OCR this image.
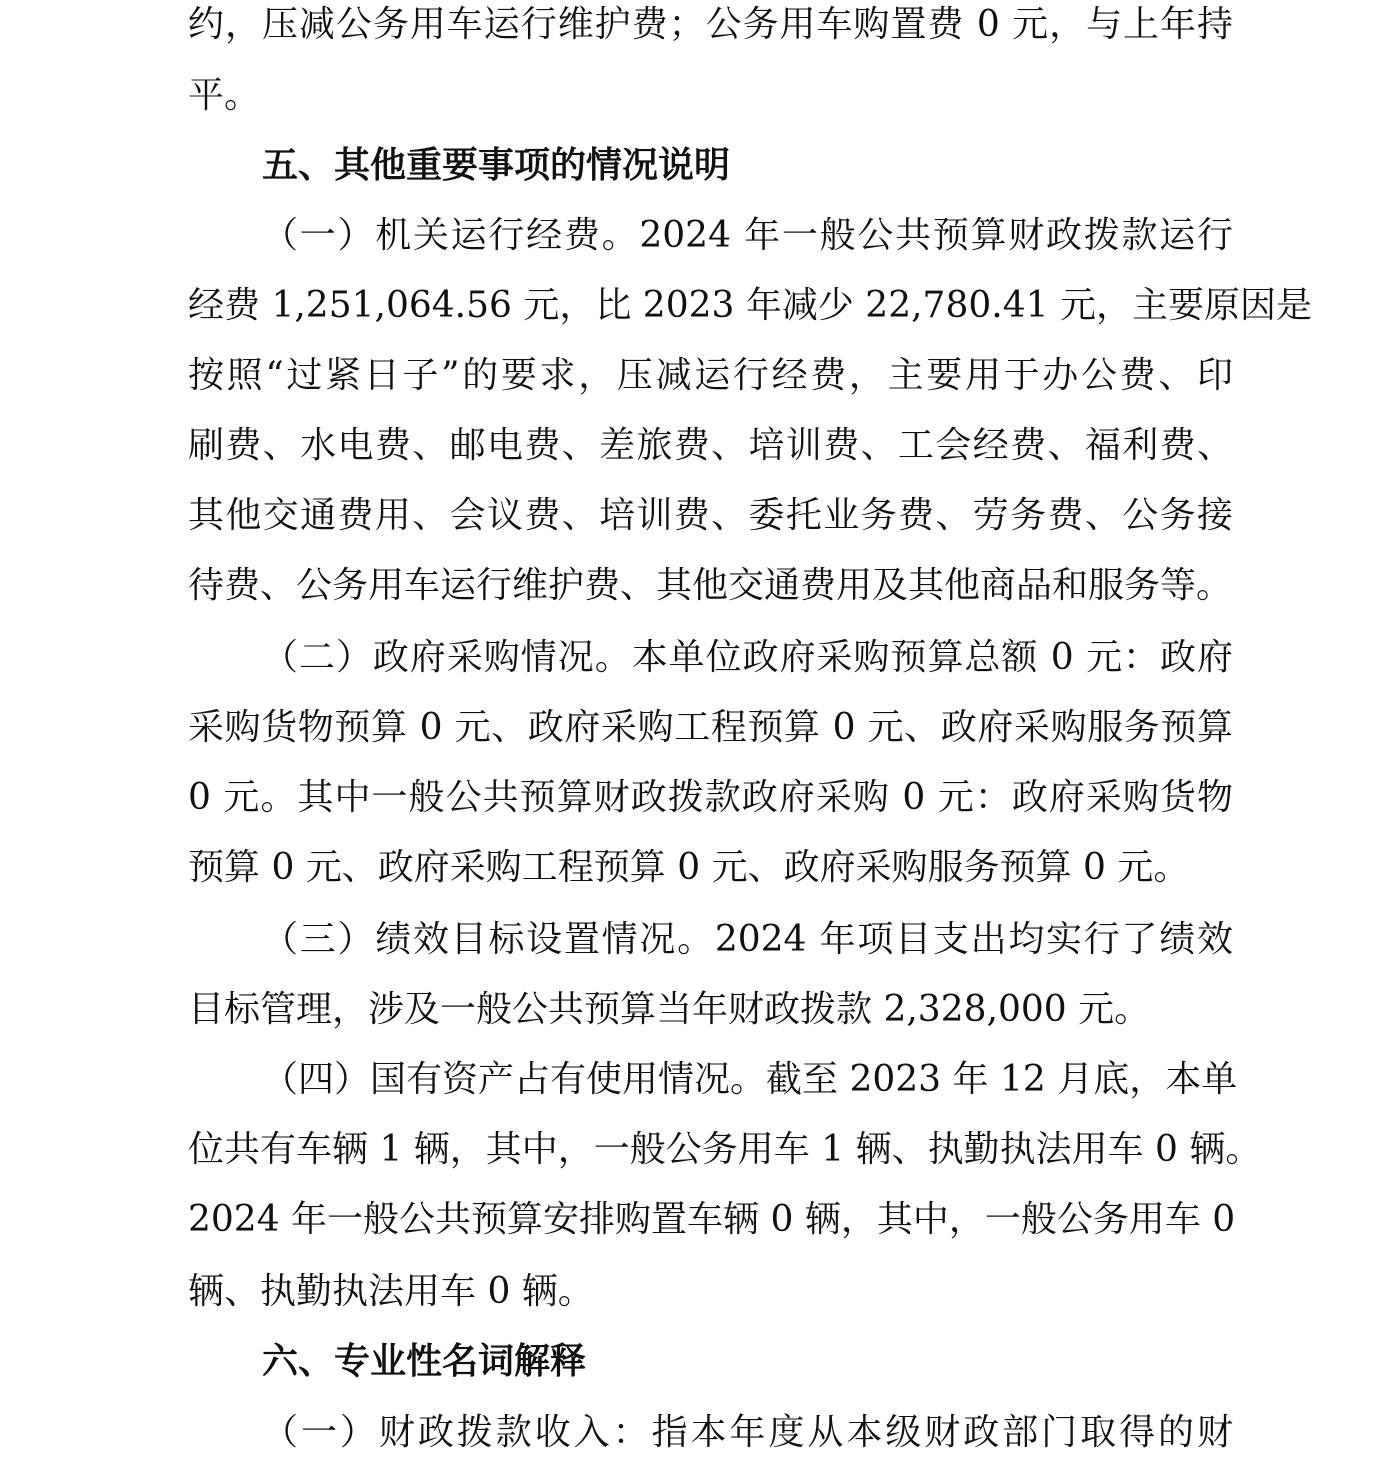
约，压减公务用车运行维护费；公务用车购置费 0 元，与上年持
平。
五、其他重要事项的情况说明
（一）机关运行经费。2024 年一般公共预算财政拨款运行
经费 1,251,064.56 元，比 2023 年减少 22,780.41 元，主要原因是
按照“过紧日子”的要求，压减运行经费，主要用于办公费、印
刷费、水电费、邮电费、差旅费、培训费、工会经费、福利费、
其他交通费用、会议费、培训费、委托业务费、劳务费、公务接
待费、公务用车运行维护费、其他交通费用及其他商品和服务等。
（二）政府采购情况。本单位政府采购预算总额 0 元：政府
采购货物预算 0 元、政府采购工程预算 0 元、政府采购服务预算
0 元。其中一般公共预算财政拨款政府采购 0 元：政府采购货物
预算 0 元、政府采购工程预算 0 元、政府采购服务预算 0 元。
（三）绩效目标设置情况。2024 年项目支出均实行了绩效
目标管理，涉及一般公共预算当年财政拨款 2,328,000 元。
（四）国有资产占有使用情况。截至 2023 年 12 月底，本单
位共有车辆 1 辆，其中，一般公务用车 1 辆、执勤执法用车 0 辆。
2024 年一般公共预算安排购置车辆 0 辆，其中，一般公务用车 0
辆、执勤执法用车 0 辆。
六、专业性名词解释
（一）财政拨款收入：指本年度从本级财政部门取得的财
